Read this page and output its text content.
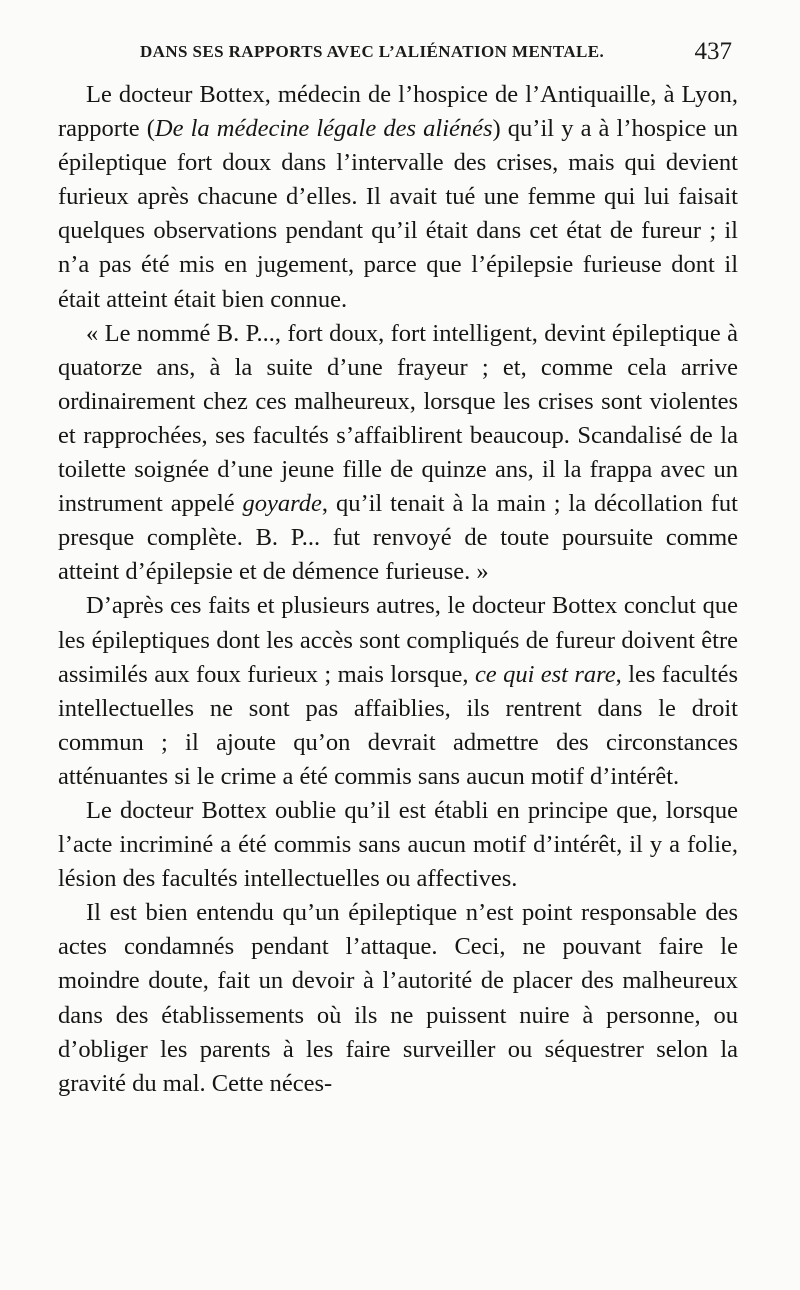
DANS SES RAPPORTS AVEC L’ALIÉNATION MENTALE.	437

Le docteur Bottex, médecin de l’hospice de l’Antiquaille, à Lyon, rapporte (De la médecine légale des aliénés) qu’il y a à l’hospice un épileptique fort doux dans l’intervalle des crises, mais qui devient furieux après chacune d’elles. Il avait tué une femme qui lui faisait quelques observations pendant qu’il était dans cet état de fureur ; il n’a pas été mis en jugement, parce que l’épilepsie furieuse dont il était atteint était bien connue.

« Le nommé B. P..., fort doux, fort intelligent, devint épileptique à quatorze ans, à la suite d’une frayeur ; et, comme cela arrive ordinairement chez ces malheureux, lorsque les crises sont violentes et rapprochées, ses facultés s’affaiblirent beaucoup. Scandalisé de la toilette soignée d’une jeune fille de quinze ans, il la frappa avec un instrument appelé goyarde, qu’il tenait à la main ; la décollation fut presque complète. B. P... fut renvoyé de toute poursuite comme atteint d’épilepsie et de démence furieuse. »

D’après ces faits et plusieurs autres, le docteur Bottex conclut que les épileptiques dont les accès sont compliqués de fureur doivent être assimilés aux foux furieux ; mais lorsque, ce qui est rare, les facultés intellectuelles ne sont pas affaiblies, ils rentrent dans le droit commun ; il ajoute qu’on devrait admettre des circonstances atténuantes si le crime a été commis sans aucun motif d’intérêt.

Le docteur Bottex oublie qu’il est établi en principe que, lorsque l’acte incriminé a été commis sans aucun motif d’intérêt, il y a folie, lésion des facultés intellectuelles ou affectives.

Il est bien entendu qu’un épileptique n’est point responsable des actes condamnés pendant l’attaque. Ceci, ne pouvant faire le moindre doute, fait un devoir à l’autorité de placer des malheureux dans des établissements où ils ne puissent nuire à personne, ou d’obliger les parents à les faire surveiller ou séquestrer selon la gravité du mal. Cette néces-
